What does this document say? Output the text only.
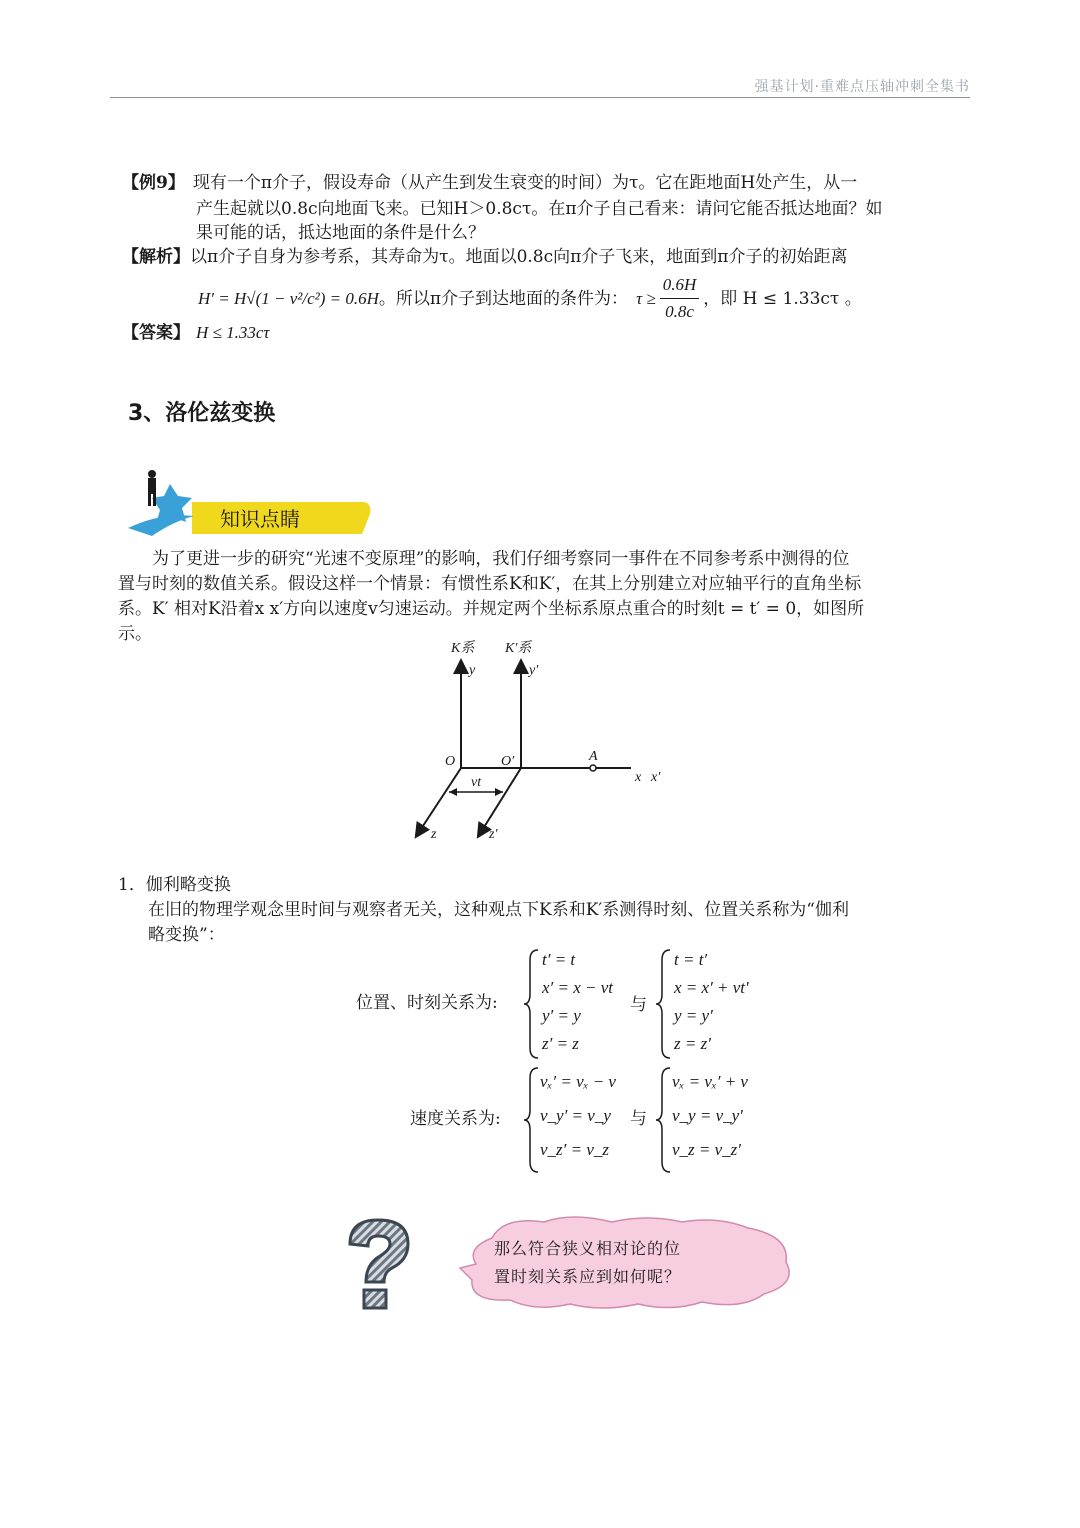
强基计划·重难点压轴冲刺全集书
【例9】 现有一个π介子，假设寿命（从产生到发生衰变的时间）为τ。它在距地面H处产生，从一
产生起就以0.8c向地面飞来。已知H＞0.8cτ。在π介子自己看来：请问它能否抵达地面？如
果可能的话，抵达地面的条件是什么？
【解析】以π介子自身为参考系，其寿命为τ。地面以0.8c向π介子飞来，地面到π介子的初始距离
H′ = H√(1 − v²/c²) = 0.6H 。所以π介子到达地面的条件为： $\tau \ge \frac{0.6H}{0.8c}$ ，即 H ≤ 1.33cτ 。
【答案】 H ≤ 1.33cτ
3、洛伦兹变换
知识点睛
为了更进一步的研究“光速不变原理”的影响，我们仔细考察同一事件在不同参考系中测得的位
置与时刻的数值关系。假设这样一个情景：有惯性系K和K′，在其上分别建立对应轴平行的直角坐标
系。K′ 相对K沿着x x′方向以速度v匀速运动。并规定两个坐标系原点重合的时刻t = t′ = 0，如图所
示。
K系 K′系
y	y′
O	O′	A
vt	x x′
z	z′
1．伽利略变换
在旧的物理学观念里时间与观察者无关，这种观点下K系和K′系测得时刻、位置关系称为“伽利
略变换”：
位置、时刻关系为:
t′ = t
x′ = x − vt
y′ = y
z′ = z
与
t = t′
x = x′ + vt′
y = y′
z = z′
速度关系为:
vₓ′ = vₓ − v
v_y′ = v_y
v_z′ = v_z
与
vₓ = vₓ′ + v
v_y = v_y′
v_z = v_z′
那么符合狭义相对论的位
置时刻关系应到如何呢？
